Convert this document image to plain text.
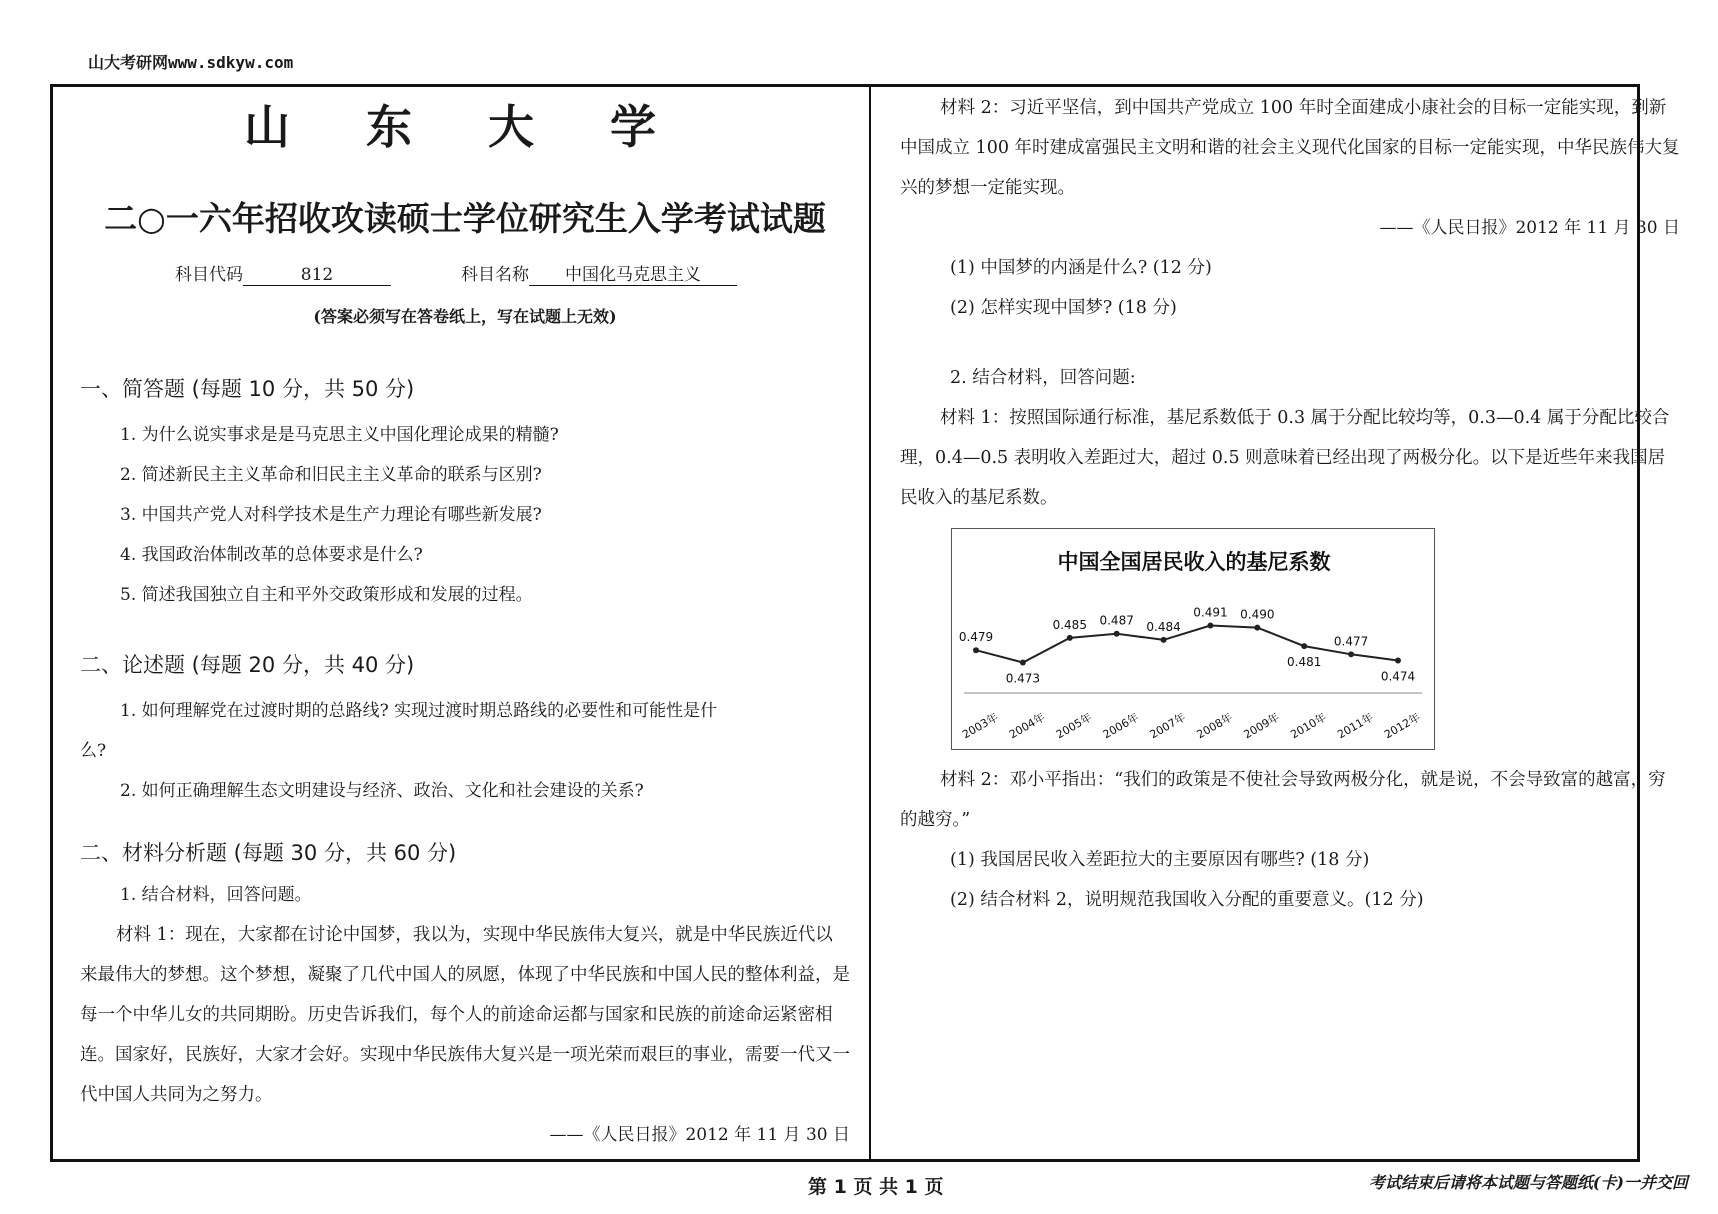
山大考研网www.sdkyw.com
山 东 大 学
二○一六年招收攻读硕士学位研究生入学考试试题
科目代码	812	科目名称 中国化马克思主义
(答案必须写在答卷纸上，写在试题上无效)
一、简答题 (每题 10 分，共 50 分)

1. 为什么说实事求是是马克思主义中国化理论成果的精髓?

2. 简述新民主主义革命和旧民主主义革命的联系与区别?

3. 中国共产党人对科学技术是生产力理论有哪些新发展?

4. 我国政治体制改革的总体要求是什么?

5. 简述我国独立自主和平外交政策形成和发展的过程。

二、论述题 (每题 20 分，共 40 分)

1. 如何理解党在过渡时期的总路线? 实现过渡时期总路线的必要性和可能性是什

么?

2. 如何正确理解生态文明建设与经济、政治、文化和社会建设的关系?

二、材料分析题 (每题 30 分，共 60 分)

1. 结合材料，回答问题。

材料 1：现在，大家都在讨论中国梦，我以为，实现中华民族伟大复兴，就是中华民族近代以来最伟大的梦想。这个梦想，凝聚了几代中国人的夙愿，体现了中华民族和中国人民的整体利益，是每一个中华儿女的共同期盼。历史告诉我们，每个人的前途命运都与国家和民族的前途命运紧密相连。国家好，民族好，大家才会好。实现中华民族伟大复兴是一项光荣而艰巨的事业，需要一代又一代中国人共同为之努力。

——《人民日报》2012 年 11 月 30 日

材料 2：习近平坚信，到中国共产党成立 100 年时全面建成小康社会的目标一定能实现，到新中国成立 100 年时建成富强民主文明和谐的社会主义现代化国家的目标一定能实现，中华民族伟大复兴的梦想一定能实现。

——《人民日报》2012 年 11 月 30 日

(1) 中国梦的内涵是什么? (12 分)

(2) 怎样实现中国梦? (18 分)

2. 结合材料，回答问题:

材料 1：按照国际通行标准，基尼系数低于 0.3 属于分配比较均等，0.3—0.4 属于分配比较合理，0.4—0.5 表明收入差距过大，超过 0.5 则意味着已经出现了两极分化。以下是近些年来我国居民收入的基尼系数。

中国全国居民收入的基尼系数
0.479
2003年
0.473
2004年
0.485
2005年
0.487
2006年
0.484
2007年
0.491
2008年
0.490
2009年
0.481
2010年
0.477
2011年
0.474
2012年

材料 2：邓小平指出：“我们的政策是不使社会导致两极分化，就是说，不会导致富的越富，穷的越穷。”

(1) 我国居民收入差距拉大的主要原因有哪些? (18 分)

(2) 结合材料 2，说明规范我国收入分配的重要意义。(12 分)

第 1 页 共 1 页	考试结束后请将本试题与答题纸(卡)一并交回
